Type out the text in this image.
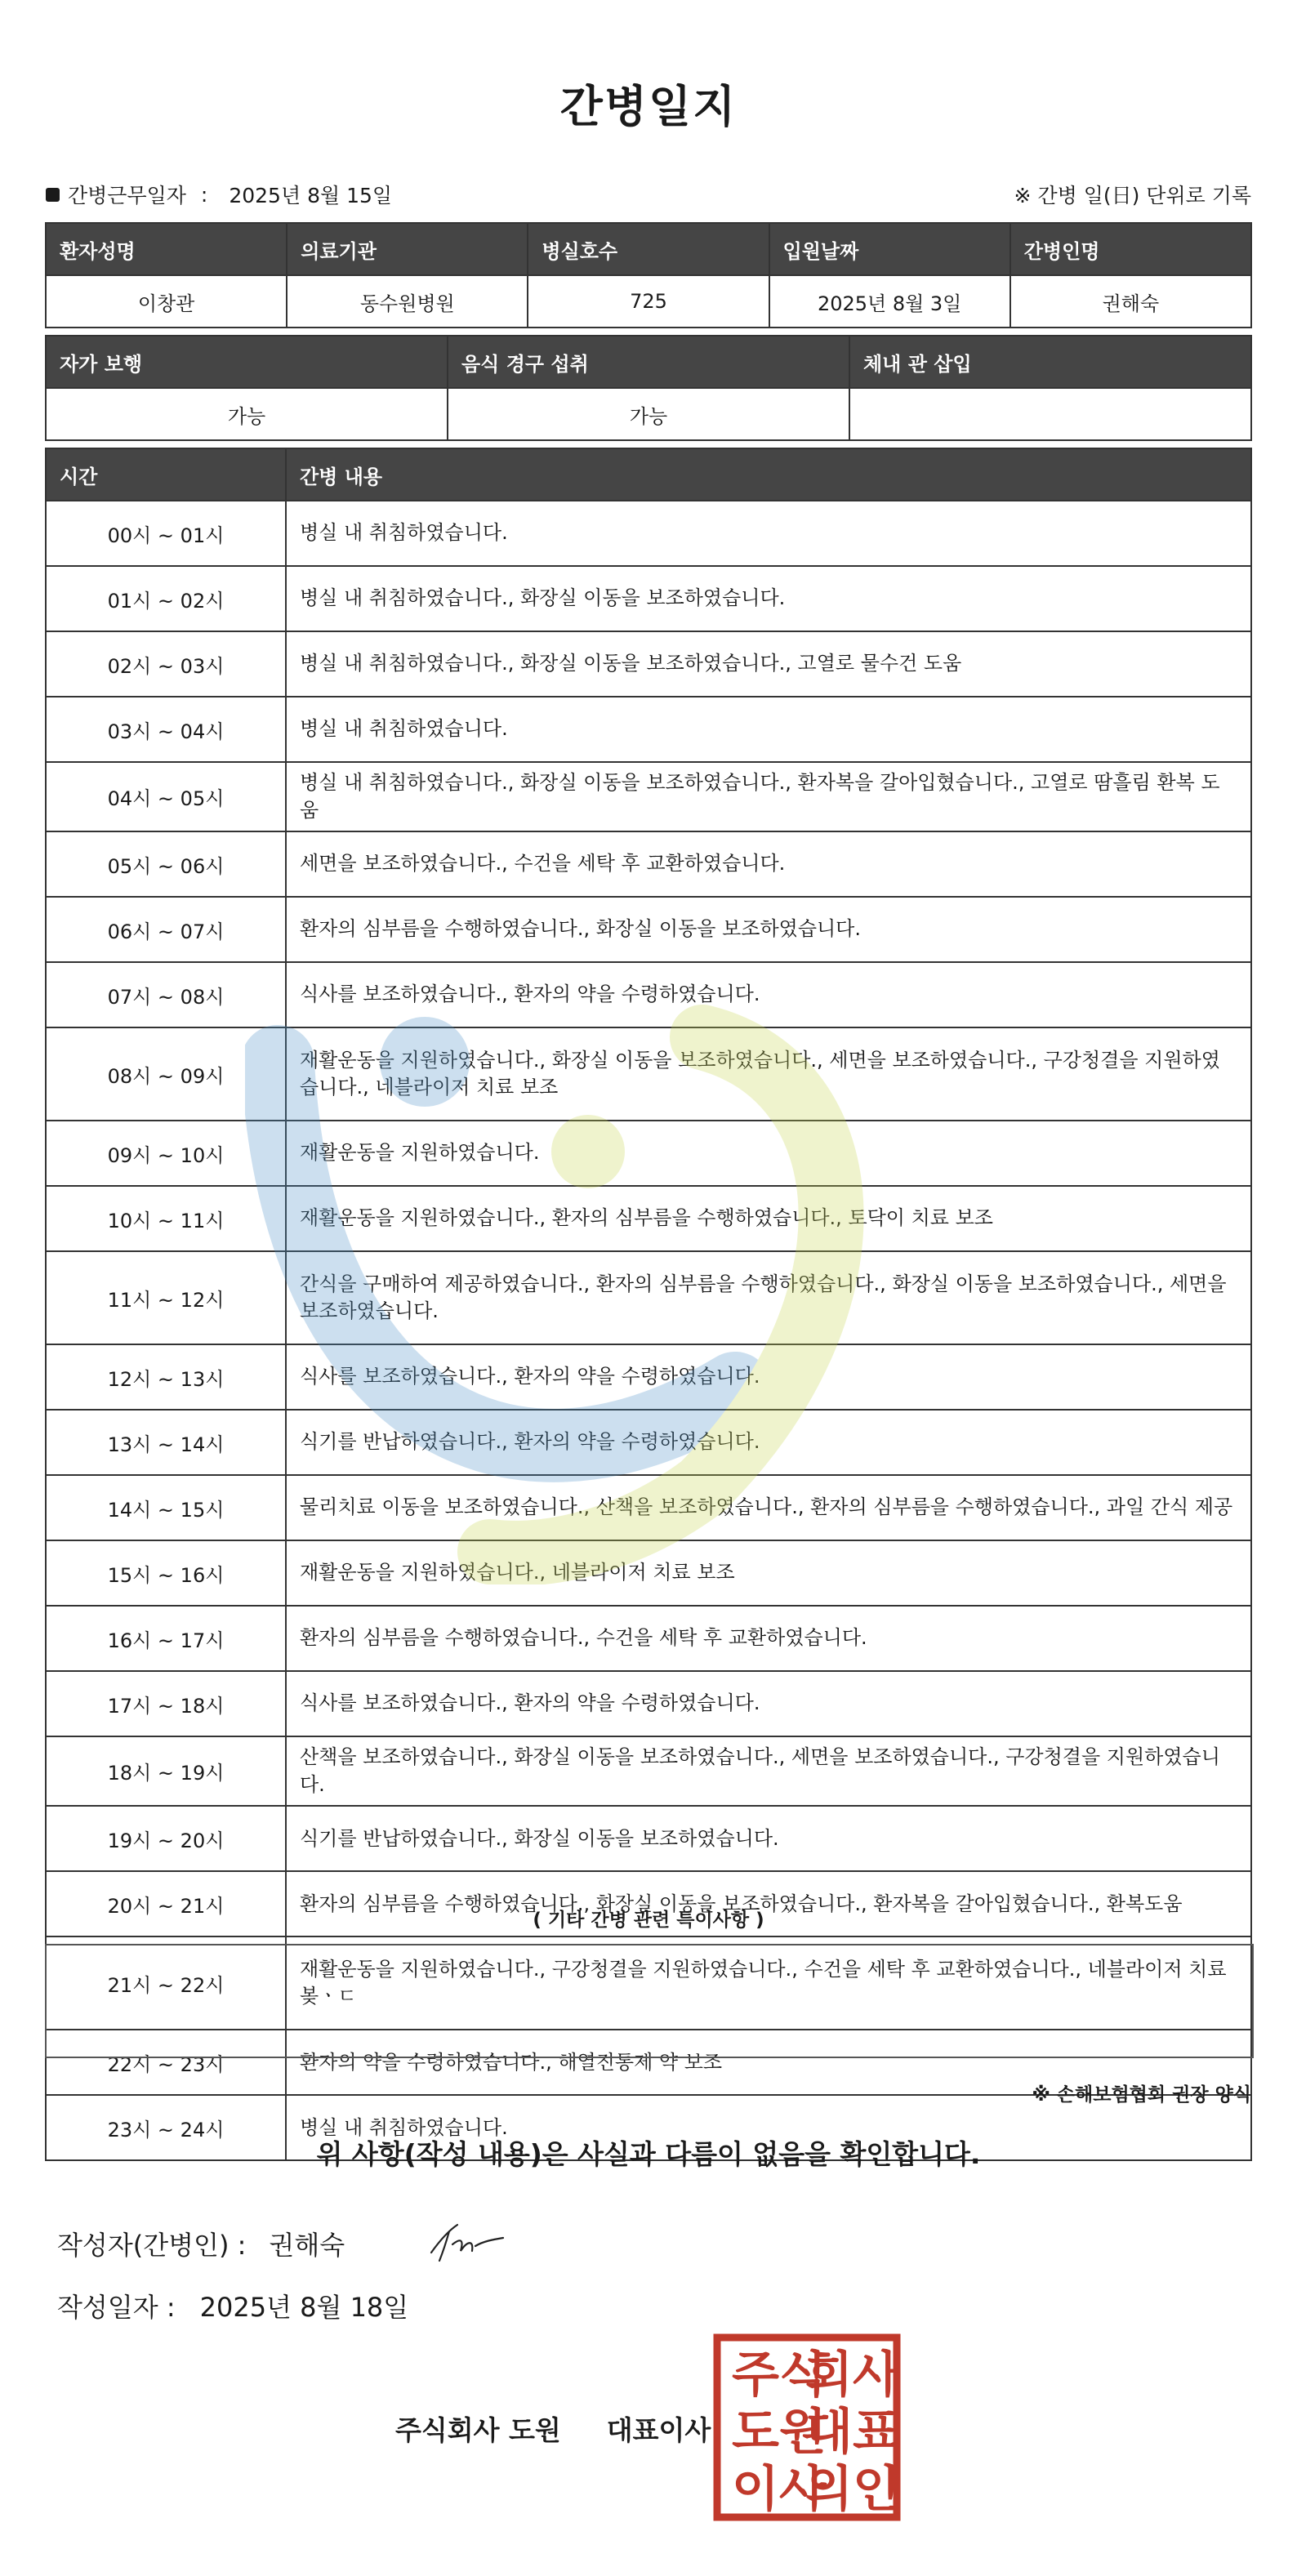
간병일지
간병근무일자 : 2025년 8월 15일	※ 간병 일(日) 단위로 기록
환자성명	의료기관	병실호수	입원날짜	간병인명
이창관	동수원병원	725	2025년 8월 3일	권해숙
자가 보행	음식 경구 섭취	체내 관 삽입
가능	가능	
시간	간병 내용
00시 ~ 01시	병실 내 취침하였습니다.
01시 ~ 02시	병실 내 취침하였습니다., 화장실 이동을 보조하였습니다.
02시 ~ 03시	병실 내 취침하였습니다., 화장실 이동을 보조하였습니다., 고열로 물수건 도움
03시 ~ 04시	병실 내 취침하였습니다.
04시 ~ 05시	병실 내 취침하였습니다., 화장실 이동을 보조하였습니다., 환자복을 갈아입혔습니다., 고열로 땀흘림 환복 도움
05시 ~ 06시	세면을 보조하였습니다., 수건을 세탁 후 교환하였습니다.
06시 ~ 07시	환자의 심부름을 수행하였습니다., 화장실 이동을 보조하였습니다.
07시 ~ 08시	식사를 보조하였습니다., 환자의 약을 수령하였습니다.
08시 ~ 09시	재활운동을 지원하였습니다., 화장실 이동을 보조하였습니다., 세면을 보조하였습니다., 구강청결을 지원하였습니다., 네블라이저 치료 보조
09시 ~ 10시	재활운동을 지원하였습니다.
10시 ~ 11시	재활운동을 지원하였습니다., 환자의 심부름을 수행하였습니다., 토닥이 치료 보조
11시 ~ 12시	간식을 구매하여 제공하였습니다., 환자의 심부름을 수행하였습니다., 화장실 이동을 보조하였습니다., 세면을 보조하였습니다.
12시 ~ 13시	식사를 보조하였습니다., 환자의 약을 수령하였습니다.
13시 ~ 14시	식기를 반납하였습니다., 환자의 약을 수령하였습니다.
14시 ~ 15시	물리치료 이동을 보조하였습니다., 산책을 보조하였습니다., 환자의 심부름을 수행하였습니다., 과일 간식 제공
15시 ~ 16시	재활운동을 지원하였습니다., 네블라이저 치료 보조
16시 ~ 17시	환자의 심부름을 수행하였습니다., 수건을 세탁 후 교환하였습니다.
17시 ~ 18시	식사를 보조하였습니다., 환자의 약을 수령하였습니다.
18시 ~ 19시	산책을 보조하였습니다., 화장실 이동을 보조하였습니다., 세면을 보조하였습니다., 구강청결을 지원하였습니다.
19시 ~ 20시	식기를 반납하였습니다., 화장실 이동을 보조하였습니다.
20시 ~ 21시	환자의 심부름을 수행하였습니다., 화장실 이동을 보조하였습니다., 환자복을 갈아입혔습니다., 환복도움
21시 ~ 22시	재활운동을 지원하였습니다., 구강청결을 지원하였습니다., 수건을 세탁 후 교환하였습니다., 네블라이저 치료 봊ㆍㄷ
22시 ~ 23시	환자의 약을 수령하였습니다., 해열진통제 약 보조
23시 ~ 24시	병실 내 취침하였습니다.
( 기타 간병 관련 특이사항 )
※ 손해보험협회 권장 양식
위 사항(작성 내용)은 사실과 다름이 없음을 확인합니다.
작성자(간병인) : 권해숙
작성일자 : 2025년 8월 18일
주식회사 도원 대표이사
주식
회사
도원
대표
이사
의인
